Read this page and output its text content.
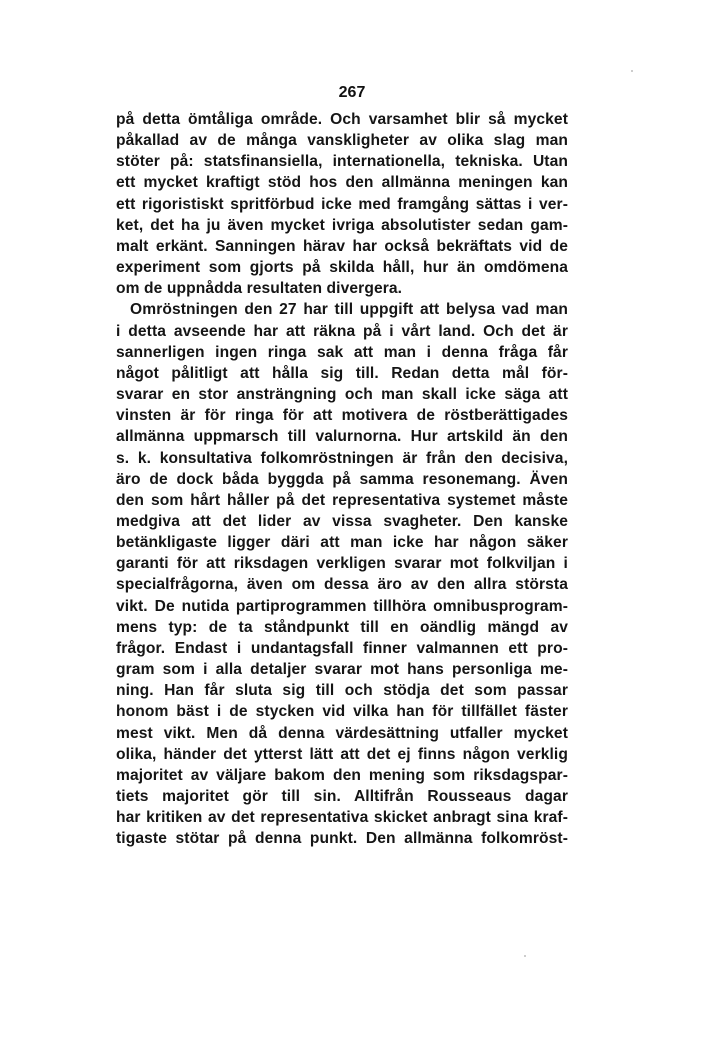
267

på detta ömtåliga område. Och varsamhet blir så mycket
påkallad av de många vanskligheter av olika slag man
stöter på: statsfinansiella, internationella, tekniska. Utan
ett mycket kraftigt stöd hos den allmänna meningen kan
ett rigoristiskt spritförbud icke med framgång sättas i ver-
ket, det ha ju även mycket ivriga absolutister sedan gam-
malt erkänt. Sanningen härav har också bekräftats vid de
experiment som gjorts på skilda håll, hur än omdömena
om de uppnådda resultaten divergera.
Omröstningen den 27 har till uppgift att belysa vad man
i detta avseende har att räkna på i vårt land. Och det är
sannerligen ingen ringa sak att man i denna fråga får
något pålitligt att hålla sig till. Redan detta mål för-
svarar en stor ansträngning och man skall icke säga att
vinsten är för ringa för att motivera de röstberättigades
allmänna uppmarsch till valurnorna. Hur artskild än den
s. k. konsultativa folkomröstningen är från den decisiva,
äro de dock båda byggda på samma resonemang. Även
den som hårt håller på det representativa systemet måste
medgiva att det lider av vissa svagheter. Den kanske
betänkligaste ligger däri att man icke har någon säker
garanti för att riksdagen verkligen svarar mot folkviljan i
specialfrågorna, även om dessa äro av den allra största
vikt. De nutida partiprogrammen tillhöra omnibusprogram-
mens typ: de ta ståndpunkt till en oändlig mängd av
frågor. Endast i undantagsfall finner valmannen ett pro-
gram som i alla detaljer svarar mot hans personliga me-
ning. Han får sluta sig till och stödja det som passar
honom bäst i de stycken vid vilka han för tillfället fäster
mest vikt. Men då denna värdesättning utfaller mycket
olika, händer det ytterst lätt att det ej finns någon verklig
majoritet av väljare bakom den mening som riksdagspar-
tiets majoritet gör till sin. Alltifrån Rousseaus dagar
har kritiken av det representativa skicket anbragt sina kraf-
tigaste stötar på denna punkt. Den allmänna folkomröst-
